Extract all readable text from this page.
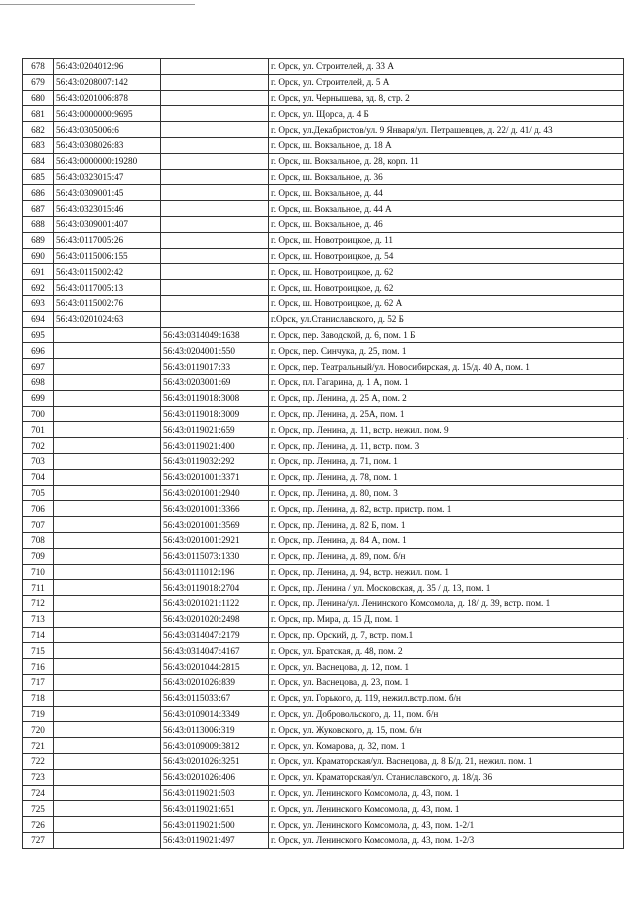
678	56:43:0204012:96		г. Орск, ул. Строителей, д. 33 А
679	56:43:0208007:142		г. Орск, ул. Строителей, д. 5 А
680	56:43:0201006:878		г. Орск, ул. Чернышева, зд. 8, стр. 2
681	56:43:0000000:9695		г. Орск, ул. Щорса, д. 4 Б
682	56:43:0305006:6		г. Орск, ул.Декабристов/ул. 9 Января/ул. Петрашевцев, д. 22/ д. 41/ д. 43
683	56:43:0308026:83		г. Орск, ш. Вокзальное, д. 18 А
684	56:43:0000000:19280		г. Орск, ш. Вокзальное, д. 28, корп. 11
685	56:43:0323015:47		г. Орск, ш. Вокзальное, д. 36
686	56:43:0309001:45		г. Орск, ш. Вокзальное, д. 44
687	56:43:0323015:46		г. Орск, ш. Вокзальное, д. 44 А
688	56:43:0309001:407		г. Орск, ш. Вокзальное, д. 46
689	56:43:0117005:26		г. Орск, ш. Новотроицкое, д. 11
690	56:43:0115006:155		г. Орск, ш. Новотроицкое, д. 54
691	56:43:0115002:42		г. Орск, ш. Новотроицкое, д. 62
692	56:43:0117005:13		г. Орск, ш. Новотроицкое, д. 62
693	56:43:0115002:76		г. Орск, ш. Новотроицкое, д. 62 А
694	56:43:0201024:63		г.Орск, ул.Станиславского, д. 52 Б
695		56:43:0314049:1638	г. Орск, пер. Заводской, д. 6, пом. 1 Б
696		56:43:0204001:550	г. Орск, пер. Синчука, д. 25, пом. 1
697		56:43:0119017:33	г. Орск, пер. Театральный/ул. Новосибирская, д. 15/д. 40 А, пом. 1
698		56:43:0203001:69	г. Орск, пл. Гагарина, д. 1 А, пом. 1
699		56:43:0119018:3008	г. Орск, пр. Ленина, д. 25 А, пом. 2
700		56:43:0119018:3009	г. Орск, пр. Ленина, д. 25А, пом. 1
701		56:43:0119021:659	г. Орск, пр. Ленина, д. 11, встр. нежил. пом. 9
702		56:43:0119021:400	г. Орск, пр. Ленина, д. 11, встр. пом. 3
703		56:43:0119032:292	г. Орск, пр. Ленина, д. 71, пом. 1
704		56:43:0201001:3371	г. Орск, пр. Ленина, д. 78, пом. 1
705		56:43:0201001:2940	г. Орск, пр. Ленина, д. 80, пом. 3
706		56:43:0201001:3366	г. Орск, пр. Ленина, д. 82, встр. пристр. пом. 1
707		56:43:0201001:3569	г. Орск, пр. Ленина, д. 82 Б, пом. 1
708		56:43:0201001:2921	г. Орск, пр. Ленина, д. 84 А, пом. 1
709		56:43:0115073:1330	г. Орск, пр. Ленина, д. 89, пом. б/н
710		56:43:0111012:196	г. Орск, пр. Ленина, д. 94, встр. нежил. пом. 1
711		56:43:0119018:2704	г. Орск, пр. Ленина / ул. Московская, д. 35 / д. 13, пом. 1
712		56:43:0201021:1122	г. Орск, пр. Ленина/ул. Ленинского Комсомола, д. 18/ д. 39, встр. пом. 1
713		56:43:0201020:2498	г. Орск, пр. Мира, д. 15 Д, пом. 1
714		56:43:0314047:2179	г. Орск, пр. Орский, д. 7, встр. пом.1
715		56:43:0314047:4167	г. Орск, ул. Братская, д. 48, пом. 2
716		56:43:0201044:2815	г. Орск, ул. Васнецова, д. 12, пом. 1
717		56:43:0201026:839	г. Орск, ул. Васнецова, д. 23, пом. 1
718		56:43:0115033:67	г. Орск, ул. Горького, д. 119, нежил.встр.пом. б/н
719		56:43:0109014:3349	г. Орск, ул. Добровольского, д. 11, пом. б/н
720		56:43:0113006:319	г. Орск, ул. Жуковского, д. 15, пом. б/н
721		56:43:0109009:3812	г. Орск, ул. Комарова, д. 32, пом. 1
722		56:43:0201026:3251	г. Орск, ул. Краматорская/ул. Васнецова, д. 8 Б/д. 21, нежил. пом. 1
723		56:43:0201026:406	г. Орск, ул. Краматорская/ул. Станиславского, д. 18/д. 36
724		56:43:0119021:503	г. Орск, ул. Ленинского Комсомола, д. 43, пом. 1
725		56:43:0119021:651	г. Орск, ул. Ленинского Комсомола, д. 43, пом. 1
726		56:43:0119021:500	г. Орск, ул. Ленинского Комсомола, д. 43, пом. 1-2/1
727		56:43:0119021:497	г. Орск, ул. Ленинского Комсомола, д. 43, пом. 1-2/3
